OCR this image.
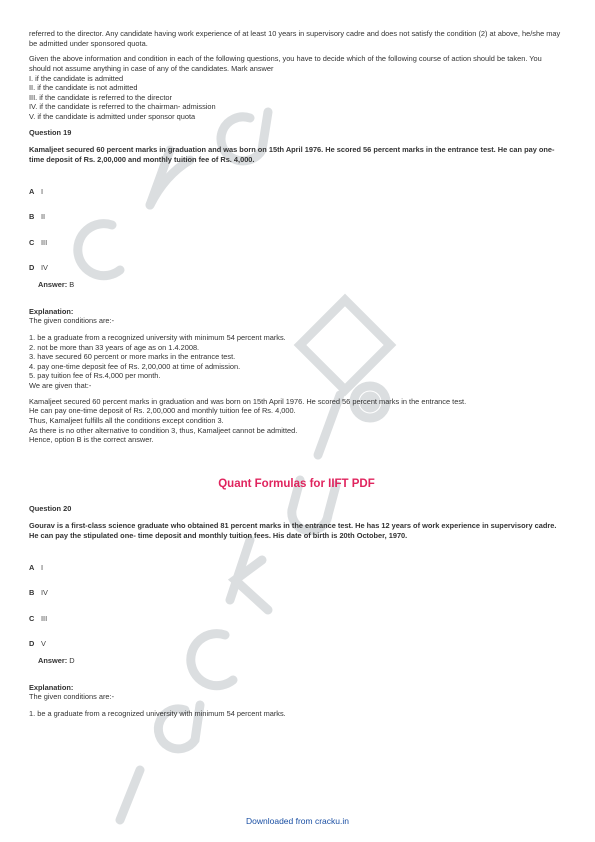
referred to the director. Any candidate having work experience of at least 10 years in supervisory cadre and does not satisfy the condition (2) at above, he/she may be admitted under sponsored quota.

Given the above information and condition in each of the following questions, you have to decide which of the following course of action should be taken. You should not assume anything in case of any of the candidates. Mark answer

I. if the candidate is admitted

II. if the candidate is not admitted

III. if the candidate is referred to the director

IV. if the candidate is referred to the chairman- admission

V. if the candidate is admitted under sponsor quota

Question 19

Kamaljeet secured 60 percent marks in graduation and was born on 15th April 1976. He scored 56 percent marks in the entrance test. He can pay one-time deposit of Rs. 2,00,000 and monthly tuition fee of Rs. 4,000.

A I
B II
C III
D IV

Answer: B

Explanation:

The given conditions are:-

1. be a graduate from a recognized university with minimum 54 percent marks.

2. not be more than 33 years of age as on 1.4.2008.

3. have secured 60 percent or more marks in the entrance test.

4. pay one-time deposit fee of Rs. 2,00,000 at time of admission.

5. pay tuition fee of Rs.4,000 per month.

We are given that:-

Kamaljeet secured 60 percent marks in graduation and was born on 15th April 1976. He scored 56 percent marks in the entrance test.

He can pay one-time deposit of Rs. 2,00,000 and monthly tuition fee of Rs. 4,000.

Thus, Kamaljeet fulfills all the conditions except condition 3.

As there is no other alternative to condition 3, thus, Kamaljeet cannot be admitted.

Hence, option B is the correct answer.

Quant Formulas for IIFT PDF

Question 20

Gourav is a first-class science graduate who obtained 81 percent marks in the entrance test. He has 12 years of work experience in supervisory cadre. He can pay the stipulated one- time deposit and monthly tuition fees. His date of birth is 20th October, 1970.

A I
B IV
C III
D V

Answer: D

Explanation:

The given conditions are:-

1. be a graduate from a recognized university with minimum 54 percent marks.

Downloaded from cracku.in
